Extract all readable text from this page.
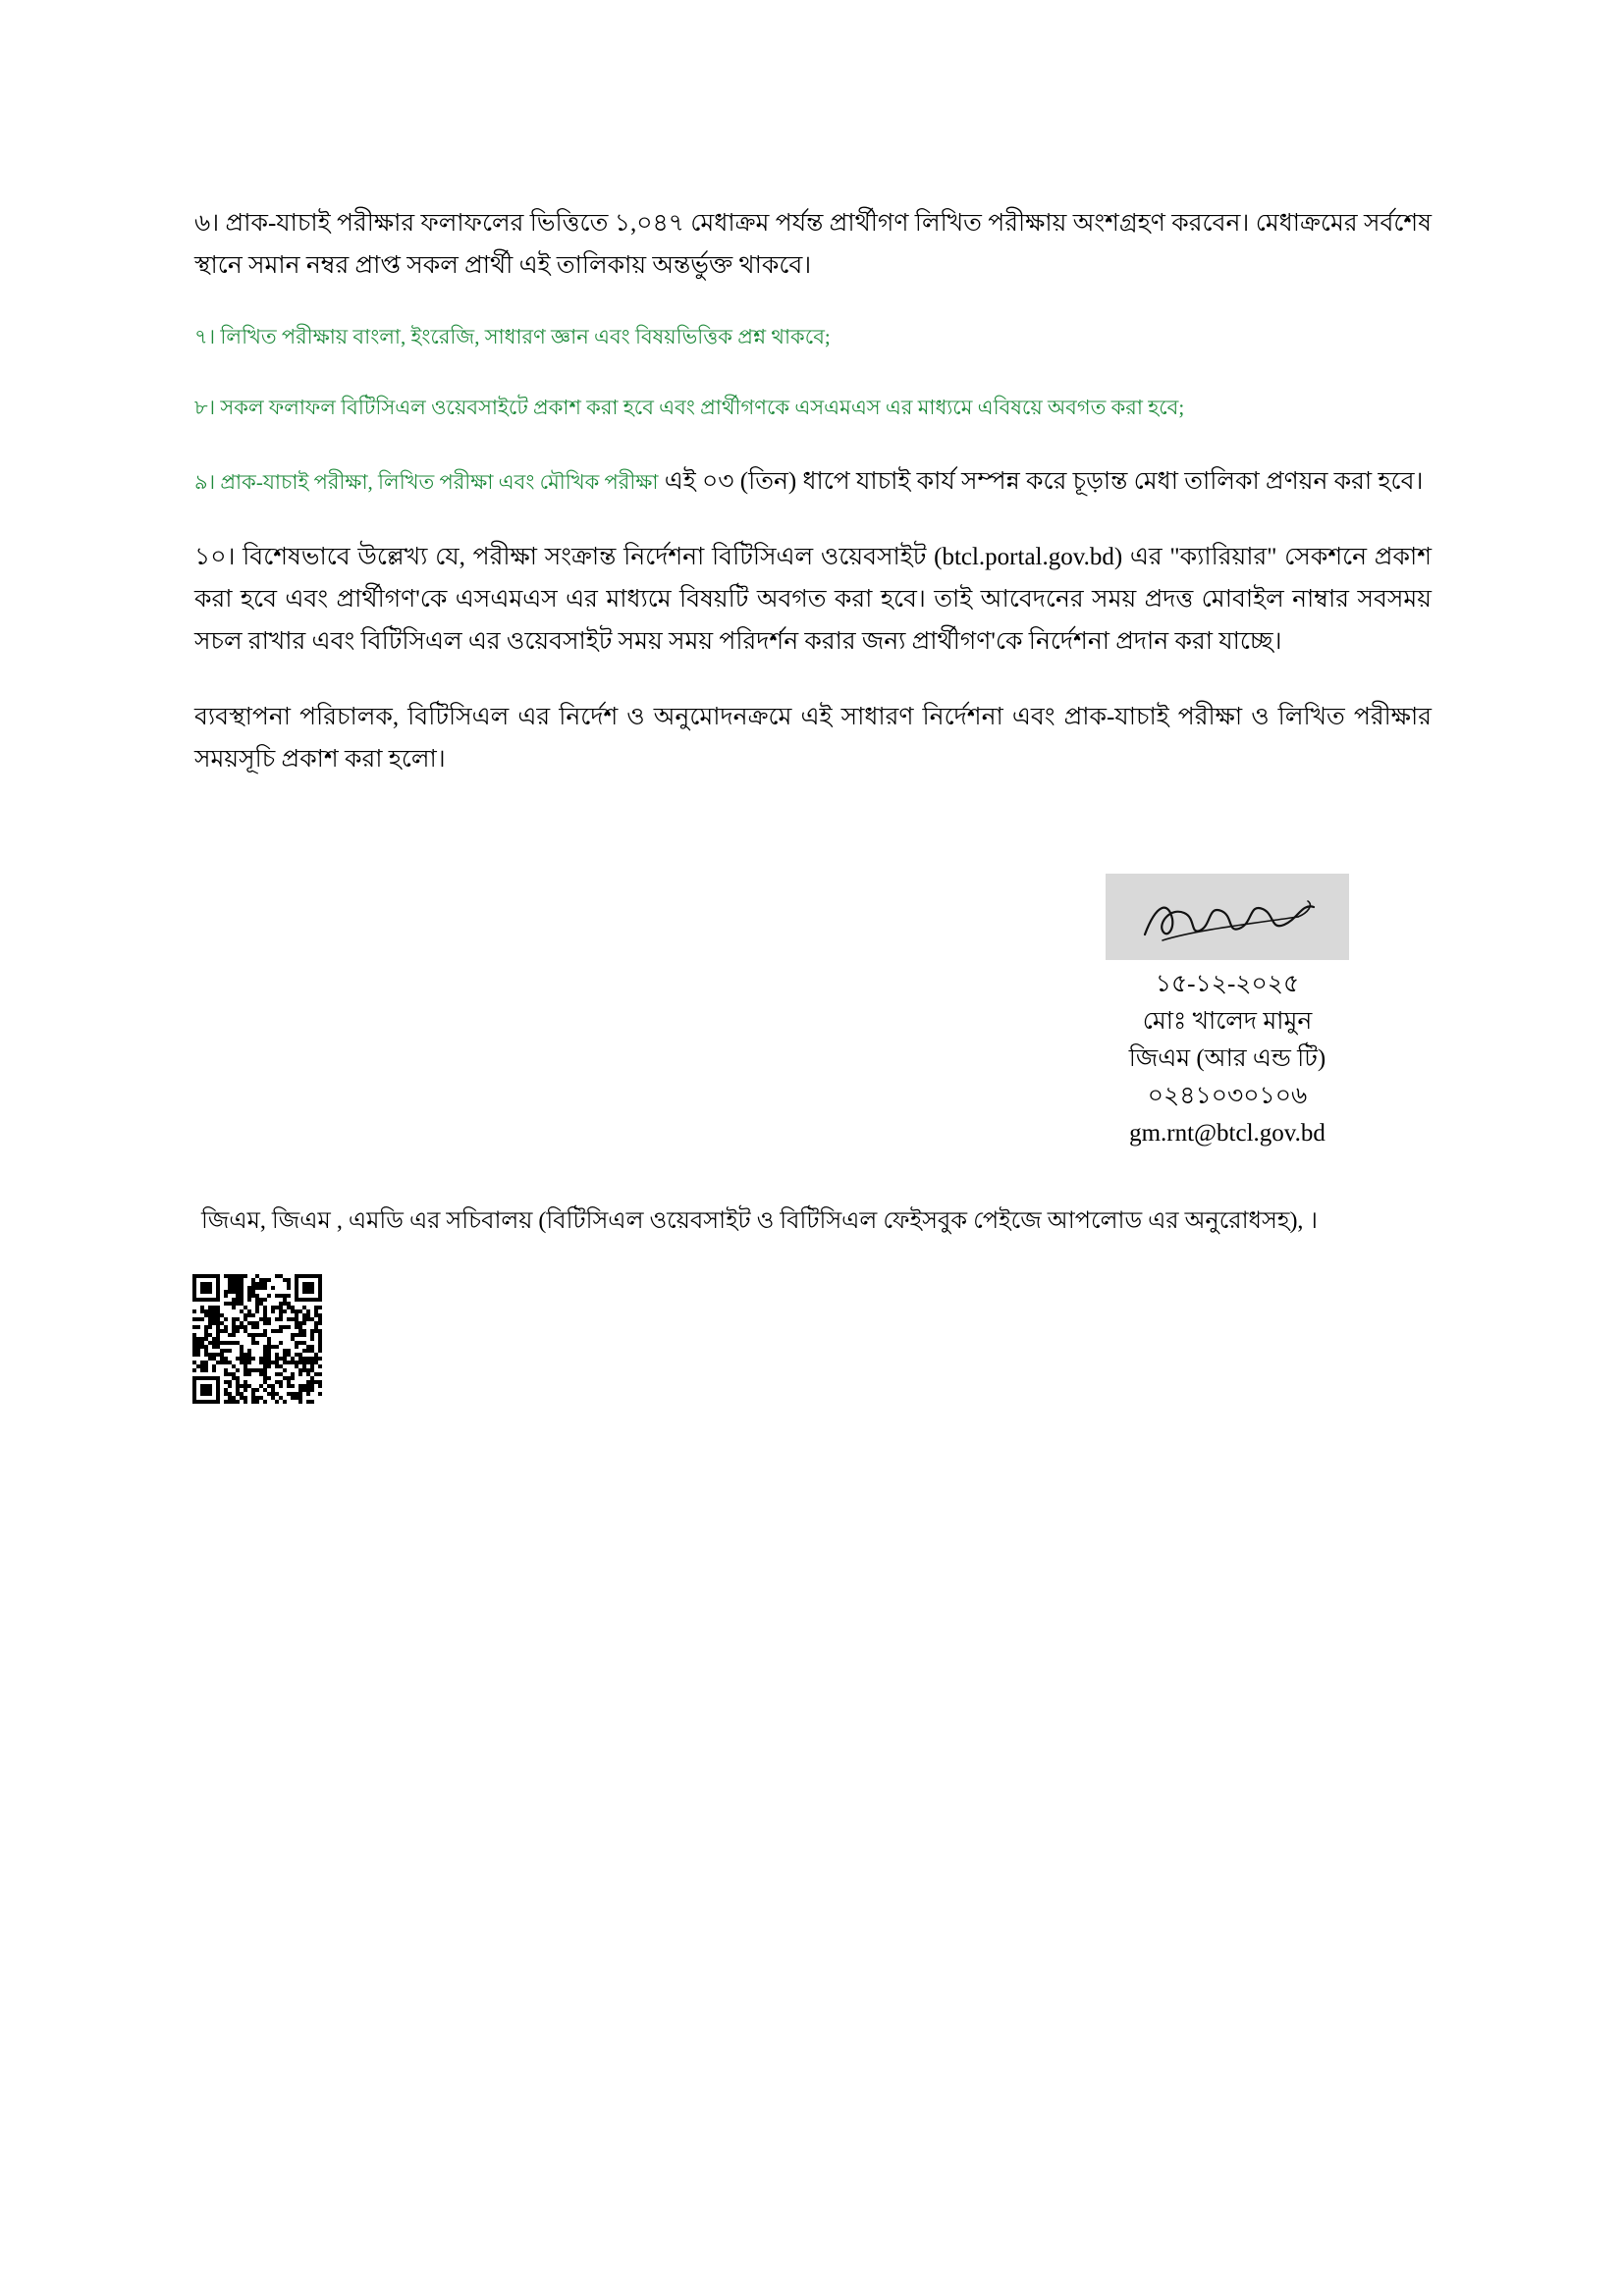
৬। প্রাক-যাচাই পরীক্ষার ফলাফলের ভিত্তিতে ১,০৪৭ মেধাক্রম পর্যন্ত প্রার্থীগণ লিখিত পরীক্ষায় অংশগ্রহণ করবেন। মেধাক্রমের সর্বশেষ স্থানে সমান নম্বর প্রাপ্ত সকল প্রার্থী এই তালিকায় অন্তর্ভুক্ত থাকবে।

৭। লিখিত পরীক্ষায় বাংলা, ইংরেজি, সাধারণ জ্ঞান এবং বিষয়ভিত্তিক প্রশ্ন থাকবে;

৮। সকল ফলাফল বিটিসিএল ওয়েবসাইটে প্রকাশ করা হবে এবং প্রার্থীগণকে এসএমএস এর মাধ্যমে এবিষয়ে অবগত করা হবে;

৯। প্রাক-যাচাই পরীক্ষা, লিখিত পরীক্ষা এবং মৌখিক পরীক্ষা এই ০৩ (তিন) ধাপে যাচাই কার্য সম্পন্ন করে চূড়ান্ত মেধা তালিকা প্রণয়ন করা হবে।

১০। বিশেষভাবে উল্লেখ্য যে, পরীক্ষা সংক্রান্ত নির্দেশনা বিটিসিএল ওয়েবসাইট (btcl.portal.gov.bd) এর "ক্যারিয়ার" সেকশনে প্রকাশ করা হবে এবং প্রার্থীগণ'কে এসএমএস এর মাধ্যমে বিষয়টি অবগত করা হবে। তাই আবেদনের সময় প্রদত্ত মোবাইল নাম্বার সবসময় সচল রাখার এবং বিটিসিএল এর ওয়েবসাইট সময় সময় পরিদর্শন করার জন্য প্রার্থীগণ'কে নির্দেশনা প্রদান করা যাচ্ছে।

ব্যবস্থাপনা পরিচালক, বিটিসিএল এর নির্দেশ ও অনুমোদনক্রমে এই সাধারণ নির্দেশনা এবং প্রাক-যাচাই পরীক্ষা ও লিখিত পরীক্ষার সময়সূচি প্রকাশ করা হলো।

১৫-১২-২০২৫
মোঃ খালেদ মামুন
জিএম (আর এন্ড টি)
০২৪১০৩০১০৬
gm.rnt@btcl.gov.bd
জিএম, জিএম , এমডি এর সচিবালয় (বিটিসিএল ওয়েবসাইট ও বিটিসিএল ফেইসবুক পেইজে আপলোড এর অনুরোধসহ), ।
